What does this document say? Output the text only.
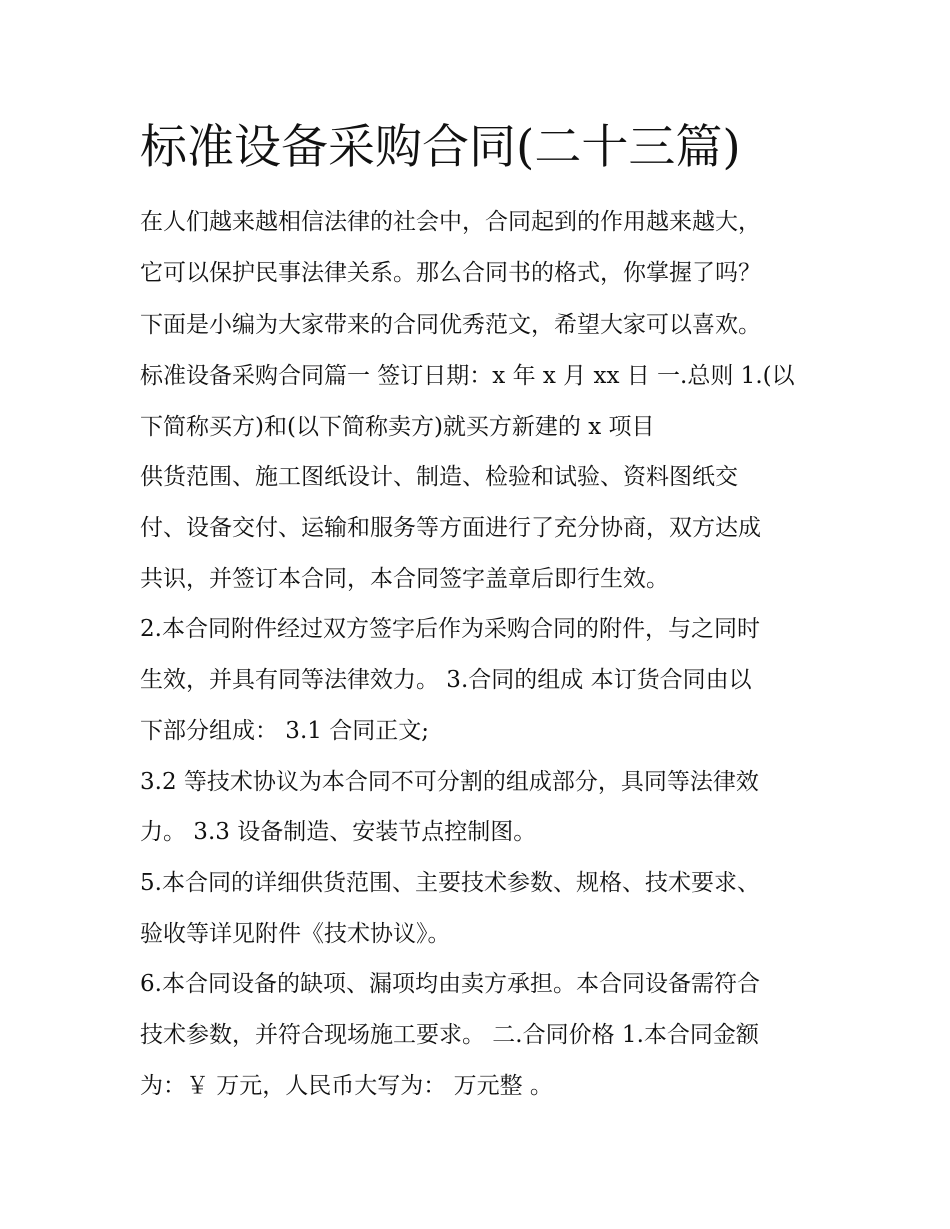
标准设备采购合同(二十三篇)

在人们越来越相信法律的社会中，合同起到的作用越来越大，

它可以保护民事法律关系。那么合同书的格式，你掌握了吗？

下面是小编为大家带来的合同优秀范文，希望大家可以喜欢。

标准设备采购合同篇一 签订日期：x 年 x 月 xx 日 一.总则 1.(以

下简称买方)和(以下简称卖方)就买方新建的 x 项目

供货范围、施工图纸设计、制造、检验和试验、资料图纸交

付、设备交付、运输和服务等方面进行了充分协商，双方达成

共识，并签订本合同，本合同签字盖章后即行生效。

2.本合同附件经过双方签字后作为采购合同的附件，与之同时

生效，并具有同等法律效力。 3.合同的组成 本订货合同由以

下部分组成： 3.1 合同正文;

3.2 等技术协议为本合同不可分割的组成部分，具同等法律效

力。 3.3 设备制造、安装节点控制图。

5.本合同的详细供货范围、主要技术参数、规格、技术要求、

验收等详见附件《技术协议》。

6.本合同设备的缺项、漏项均由卖方承担。本合同设备需符合

技术参数，并符合现场施工要求。 二.合同价格 1.本合同金额

为：￥ 万元，人民币大写为： 万元整 。
